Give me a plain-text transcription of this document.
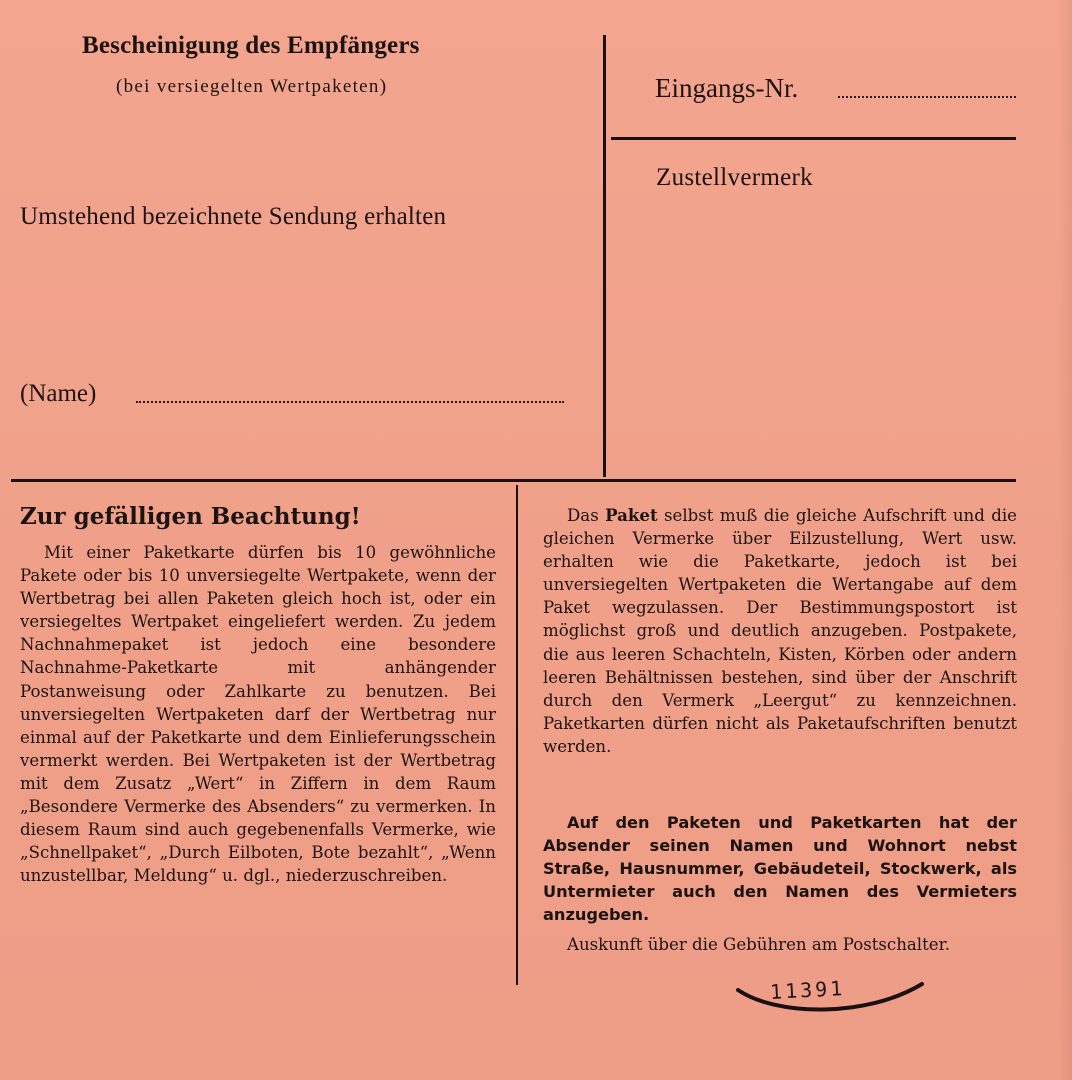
Bescheinigung des Empfängers
(bei versiegelten Wertpaketen)
Umstehend bezeichnete Sendung erhalten
(Name)
Eingangs-Nr.
Zustellvermerk
Zur gefälligen Beachtung!

Mit einer Paketkarte dürfen bis 10 gewöhnliche Pakete oder bis 10 unversiegelte Wertpakete, wenn der Wertbetrag bei allen Paketen gleich hoch ist, oder ein versiegeltes Wertpaket eingeliefert werden. Zu jedem Nachnahmepaket ist jedoch eine besondere Nachnahme-Paketkarte mit anhängender Postanweisung oder Zahlkarte zu benutzen. Bei unversiegelten Wertpaketen darf der Wertbetrag nur einmal auf der Paketkarte und dem Einlieferungsschein vermerkt werden. Bei Wertpaketen ist der Wertbetrag mit dem Zusatz „Wert“ in Ziffern in dem Raum „Besondere Vermerke des Absenders“ zu vermerken. In diesem Raum sind auch gegebenenfalls Vermerke, wie „Schnellpaket“, „Durch Eilboten, Bote bezahlt“, „Wenn unzustellbar, Meldung“ u. dgl., niederzuschreiben.

Das Paket selbst muß die gleiche Aufschrift und die gleichen Vermerke über Eilzustellung, Wert usw. erhalten wie die Paketkarte, jedoch ist bei unversiegelten Wertpaketen die Wertangabe auf dem Paket wegzulassen. Der Bestimmungspostort ist möglichst groß und deutlich anzugeben. Postpakete, die aus leeren Schachteln, Kisten, Körben oder andern leeren Behältnissen bestehen, sind über der Anschrift durch den Vermerk „Leergut“ zu kennzeichnen. Paketkarten dürfen nicht als Paketaufschriften benutzt werden.

Auf den Paketen und Paketkarten hat der Absender seinen Namen und Wohnort nebst Straße, Hausnummer, Gebäudeteil, Stockwerk, als Untermieter auch den Namen des Vermieters anzugeben.

Auskunft über die Gebühren am Postschalter.

11391
